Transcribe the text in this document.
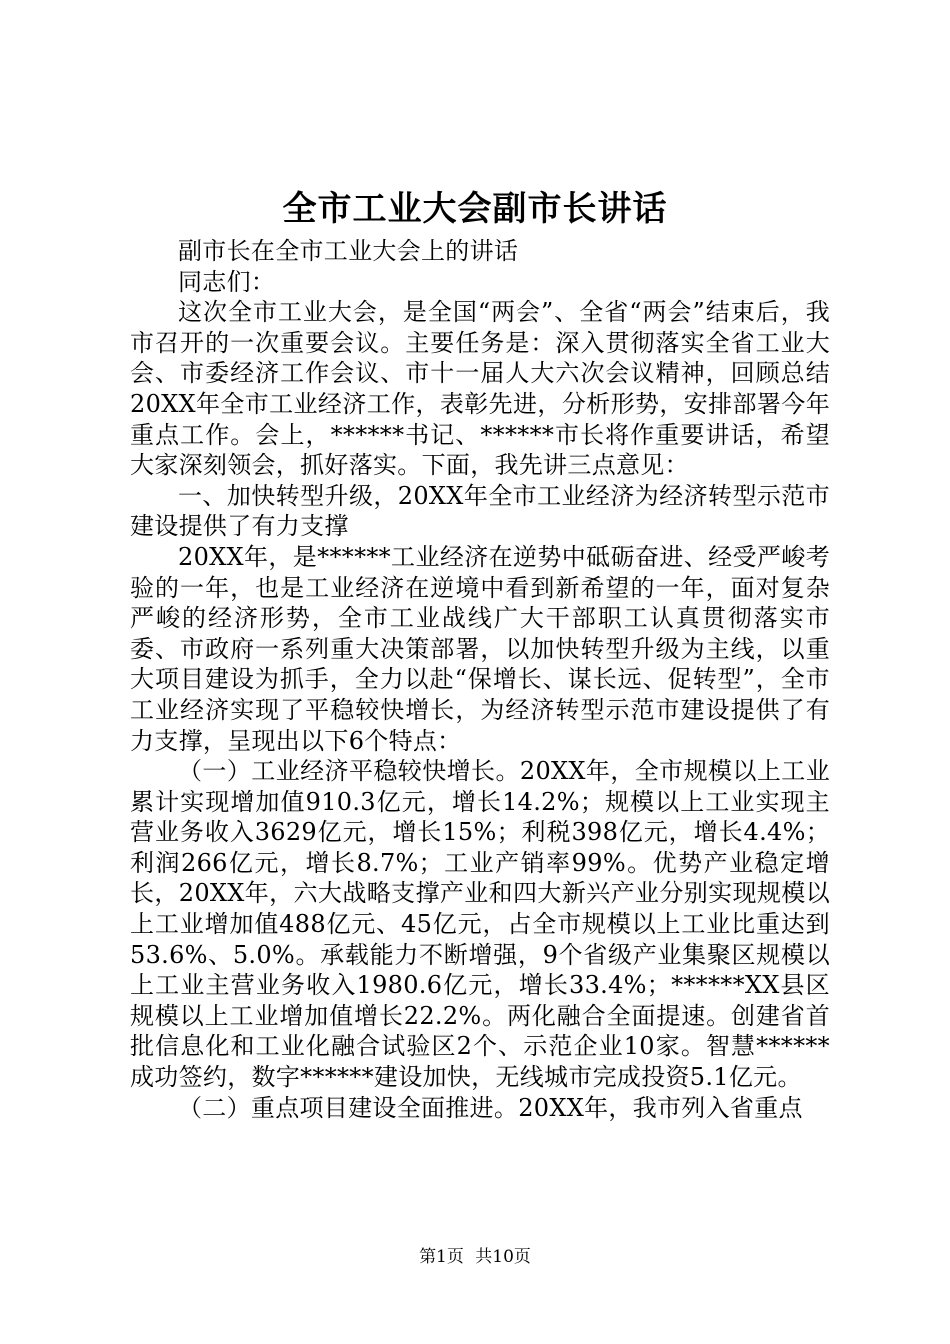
全市工业大会副市长讲话

副市长在全市工业大会上的讲话

同志们：

这次全市工业大会，是全国“两会”、全省“两会”结束后，我市召开的一次重要会议。主要任务是：深入贯彻落实全省工业大会、市委经济工作会议、市十一届人大六次会议精神，回顾总结20XX年全市工业经济工作，表彰先进，分析形势，安排部署今年重点工作。会上，******书记、******市长将作重要讲话，希望大家深刻领会，抓好落实。下面，我先讲三点意见：

一、加快转型升级，20XX年全市工业经济为经济转型示范市建设提供了有力支撑

20XX年，是******工业经济在逆势中砥砺奋进、经受严峻考验的一年，也是工业经济在逆境中看到新希望的一年，面对复杂严峻的经济形势，全市工业战线广大干部职工认真贯彻落实市委、市政府一系列重大决策部署，以加快转型升级为主线，以重大项目建设为抓手，全力以赴“保增长、谋长远、促转型”，全市工业经济实现了平稳较快增长，为经济转型示范市建设提供了有力支撑，呈现出以下6个特点：

（一）工业经济平稳较快增长。20XX年，全市规模以上工业累计实现增加值910.3亿元，增长14.2%；规模以上工业实现主营业务收入3629亿元，增长15%；利税398亿元，增长4.4%；利润266亿元，增长8.7%；工业产销率99%。优势产业稳定增长，20XX年，六大战略支撑产业和四大新兴产业分别实现规模以上工业增加值488亿元、45亿元，占全市规模以上工业比重达到53.6%、5.0%。承载能力不断增强，9个省级产业集聚区规模以上工业主营业务收入1980.6亿元，增长33.4%；******XX县区规模以上工业增加值增长22.2%。两化融合全面提速。创建省首批信息化和工业化融合试验区2个、示范企业10家。智慧******成功签约，数字******建设加快，无线城市完成投资5.1亿元。

（二）重点项目建设全面推进。20XX年，我市列入省重点

第1页 共10页
